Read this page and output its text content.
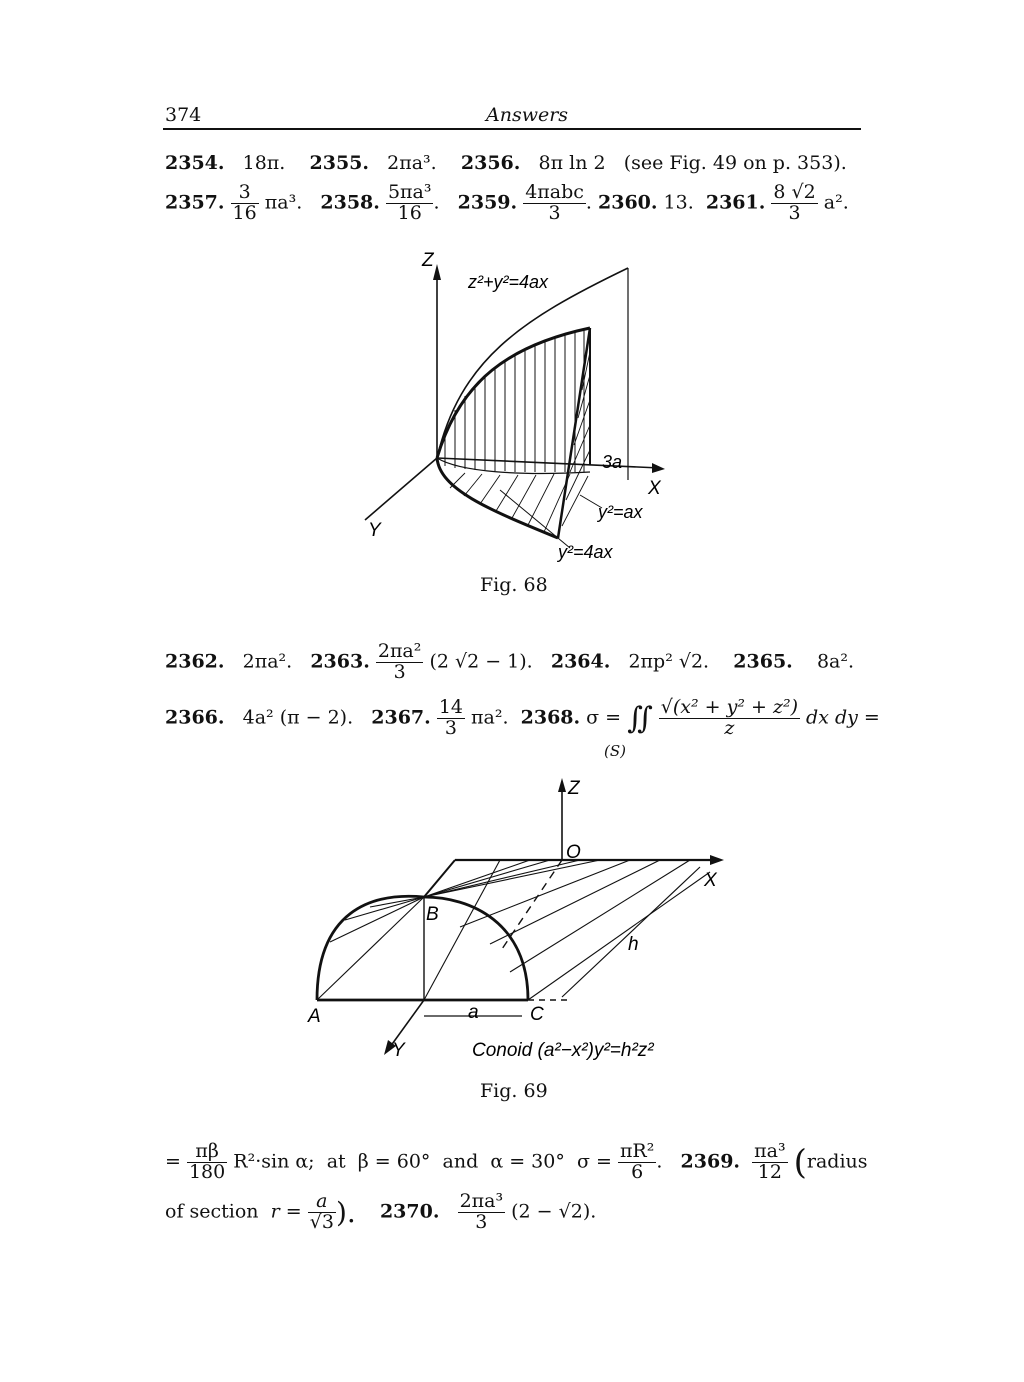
374	Answers
2354. 18π. 2355. 2πa³. 2356. 8π ln 2 (see Fig. 49 on p. 353).
2357. $\frac{3}{16} \pi a^3$. 2358. $\frac{\text{5πa³}}{16}$ . 2359. $\frac{\text{4πabc}}{3}$ . 2360. 13. 2361. $\frac{8 √2}{3} a^2$.
Z
Y
X
z²+y²=4ax
3a
y²=ax
y²=4ax
Fig. 68
2362. 2πa². 2363. $\frac{\text{2πa²}}{3} (2$ √2 − 1). 2364. 2πp² √2. 2365. 8a².
2366. 4a² (π − 2). 2367. $\frac{14}{3} \pi a^2$. 2368. σ = ∬ $\frac{\text{√(x² + y² + z²)}}{z}$ dx dy =
(S)
Z
O
X
B
h
A	a	C
Y	Conoid (a²−x²)y²=h²z²
Fig. 69
= $\frac{\pi\beta}{180} R^2\cdot\sin$ α; at β = 60° and α = 30° $\sigma = \frac{\text{πR²}}{6}$ . 2369. $\frac{\text{πa³}}{12}$ (radius
of section $r = \frac{a}{√3}$ ). 2370. $\frac{\text{2πa³}}{3} (2 - √2)$.
